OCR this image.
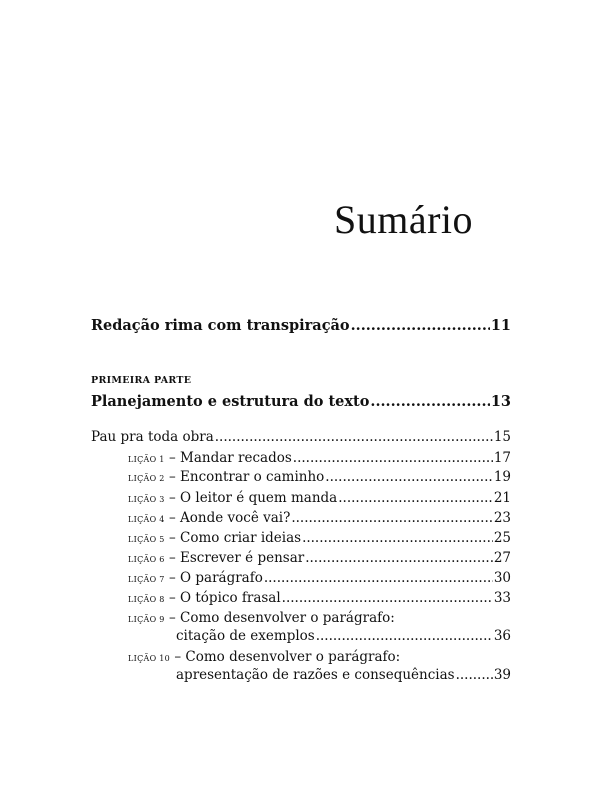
Sumário
Redação rima com transpiração .....	11
PRIMEIRA PARTE
Planejamento e estrutura do texto .....	13
Pau pra toda obra .....	15
LIÇÃO 1 – Mandar recados .....	17
LIÇÃO 2 – Encontrar o caminho .....	19
LIÇÃO 3 – O leitor é quem manda .....	21
LIÇÃO 4 – Aonde você vai? .....	23
LIÇÃO 5 – Como criar ideias .....	25
LIÇÃO 6 – Escrever é pensar .....	27
LIÇÃO 7 – O parágrafo .....	30
LIÇÃO 8 – O tópico frasal .....	33
LIÇÃO 9 – Como desenvolver o parágrafo:
citação de exemplos .....	36
LIÇÃO 10 – Como desenvolver o parágrafo:
apresentação de razões e consequências .....	39
